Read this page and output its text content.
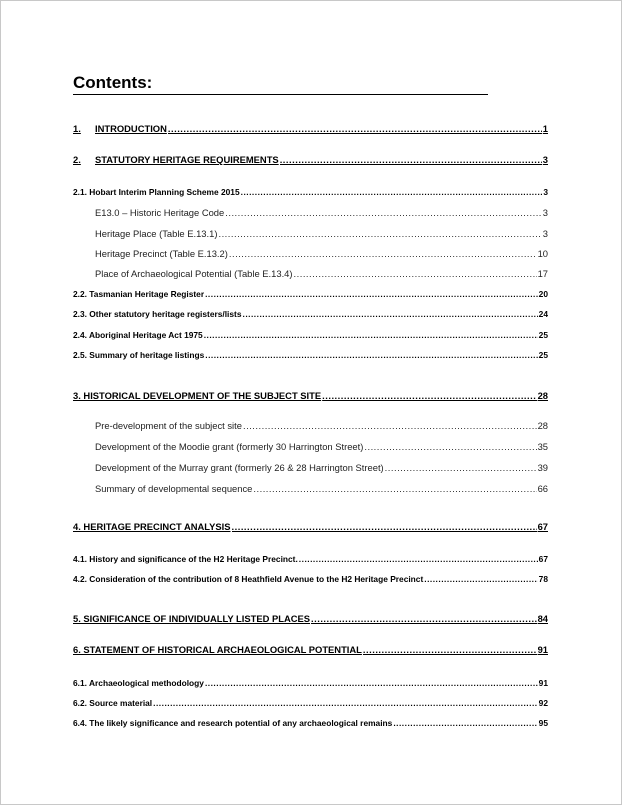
Contents:
1.	INTRODUCTION .....	1
2.	STATUTORY HERITAGE REQUIREMENTS .....	3
2.1. Hobart Interim Planning Scheme 2015 .....	3
E13.0 – Historic Heritage Code .....	3
Heritage Place (Table E.13.1) .....	3
Heritage Precinct (Table E.13.2) .....	10
Place of Archaeological Potential (Table E.13.4) .....	17
2.2. Tasmanian Heritage Register .....	20
2.3. Other statutory heritage registers/lists .....	24
2.4. Aboriginal Heritage Act 1975 .....	25
2.5. Summary of heritage listings .....	25
3. HISTORICAL DEVELOPMENT OF THE SUBJECT SITE .....	28
Pre-development of the subject site .....	28
Development of the Moodie grant (formerly 30 Harrington Street) .....	35
Development of the Murray grant (formerly 26 & 28 Harrington Street) .....	39
Summary of developmental sequence .....	66
4. HERITAGE PRECINCT ANALYSIS .....	67
4.1. History and significance of the H2 Heritage Precinct. .....	67
4.2. Consideration of the contribution of 8 Heathfield Avenue to the H2 Heritage Precinct .....	78
5. SIGNIFICANCE OF INDIVIDUALLY LISTED PLACES .....	84
6. STATEMENT OF HISTORICAL ARCHAEOLOGICAL POTENTIAL .....	91
6.1. Archaeological methodology .....	91
6.2. Source material .....	92
6.4. The likely significance and research potential of any archaeological remains .....	95
